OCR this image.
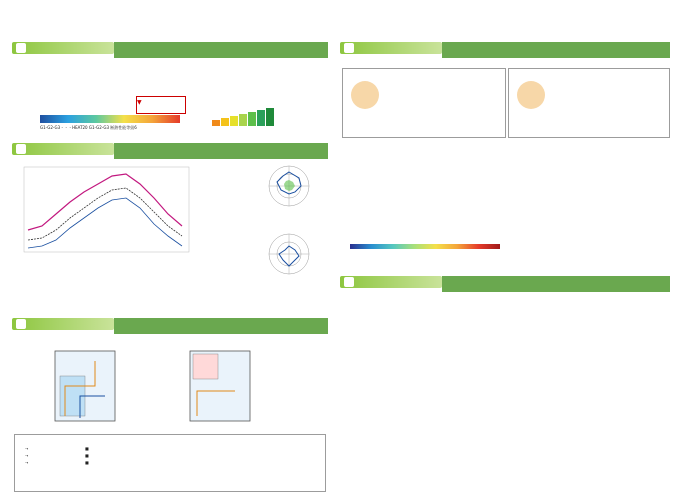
▼
G1-G2-G3・・・HEAT20 G1-G2-G3 断熱性能等級6
→
→
→
■
■
■
